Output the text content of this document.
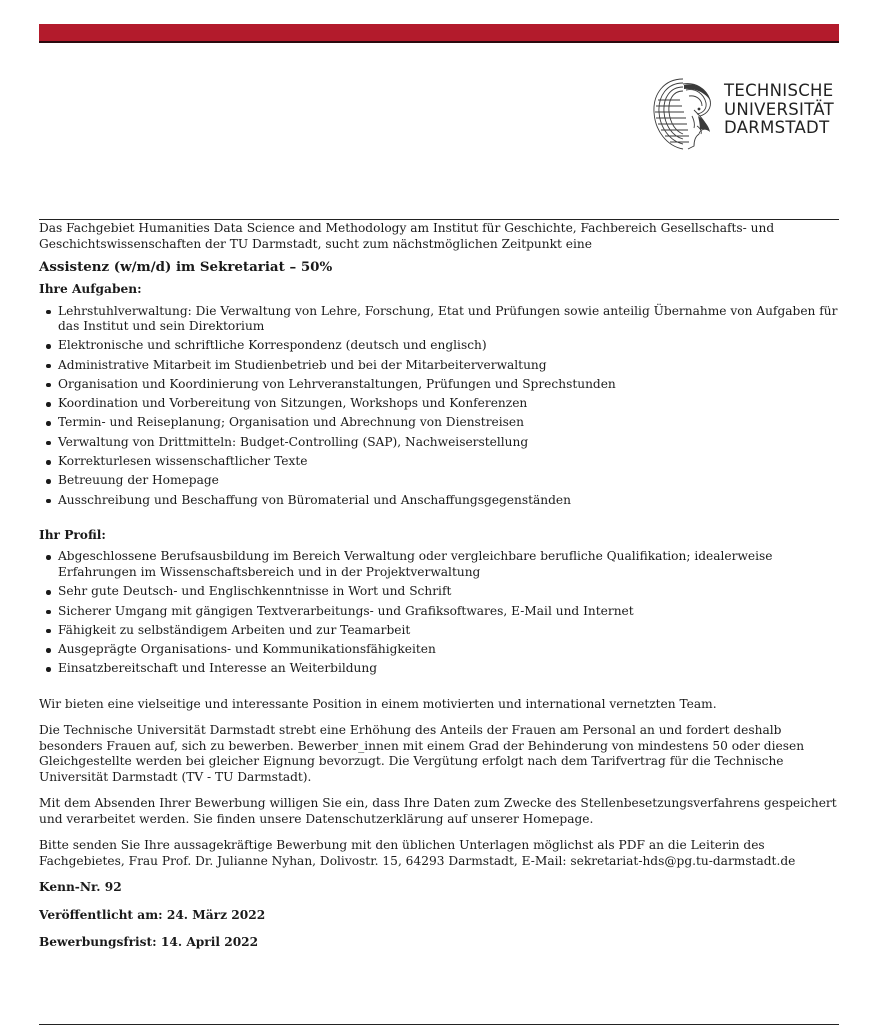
TECHNISCHE
UNIVERSITÄT
DARMSTADT

Das Fachgebiet Humanities Data Science and Methodology am Institut für Geschichte, Fachbereich Gesellschafts- und Geschichtswissenschaften der TU Darmstadt, sucht zum nächstmöglichen Zeitpunkt eine

Assistenz (w/m/d) im Sekretariat – 50%

Ihre Aufgaben:

Lehrstuhlverwaltung: Die Verwaltung von Lehre, Forschung, Etat und Prüfungen sowie anteilig Übernahme von Aufgaben für das Institut und sein Direktorium
Elektronische und schriftliche Korrespondenz (deutsch und englisch)
Administrative Mitarbeit im Studienbetrieb und bei der Mitarbeiterverwaltung
Organisation und Koordinierung von Lehrveranstaltungen, Prüfungen und Sprechstunden
Koordination und Vorbereitung von Sitzungen, Workshops und Konferenzen
Termin- und Reiseplanung; Organisation und Abrechnung von Dienstreisen
Verwaltung von Drittmitteln: Budget-Controlling (SAP), Nachweiserstellung
Korrekturlesen wissenschaftlicher Texte
Betreuung der Homepage
Ausschreibung und Beschaffung von Büromaterial und Anschaffungsgegenständen

Ihr Profil:

Abgeschlossene Berufsausbildung im Bereich Verwaltung oder vergleichbare berufliche Qualifikation; idealerweise Erfahrungen im Wissenschaftsbereich und in der Projektverwaltung
Sehr gute Deutsch- und Englischkenntnisse in Wort und Schrift
Sicherer Umgang mit gängigen Textverarbeitungs- und Grafiksoftwares, E-Mail und Internet
Fähigkeit zu selbständigem Arbeiten und zur Teamarbeit
Ausgeprägte Organisations- und Kommunikationsfähigkeiten
Einsatzbereitschaft und Interesse an Weiterbildung

Wir bieten eine vielseitige und interessante Position in einem motivierten und international vernetzten Team.

Die Technische Universität Darmstadt strebt eine Erhöhung des Anteils der Frauen am Personal an und fordert deshalb besonders Frauen auf, sich zu bewerben. Bewerber_innen mit einem Grad der Behinderung von mindestens 50 oder diesen Gleichgestellte werden bei gleicher Eignung bevorzugt. Die Vergütung erfolgt nach dem Tarifvertrag für die Technische Universität Darmstadt (TV - TU Darmstadt).

Mit dem Absenden Ihrer Bewerbung willigen Sie ein, dass Ihre Daten zum Zwecke des Stellenbesetzungsverfahrens gespeichert und verarbeitet werden. Sie finden unsere Datenschutzerklärung auf unserer Homepage.

Bitte senden Sie Ihre aussagekräftige Bewerbung mit den üblichen Unterlagen möglichst als PDF an die Leiterin des Fachgebietes, Frau Prof. Dr. Julianne Nyhan, Dolivostr. 15, 64293 Darmstadt, E-Mail: sekretariat-hds@pg.tu-darmstadt.de

Kenn-Nr. 92

Veröffentlicht am: 24. März 2022

Bewerbungsfrist: 14. April 2022
